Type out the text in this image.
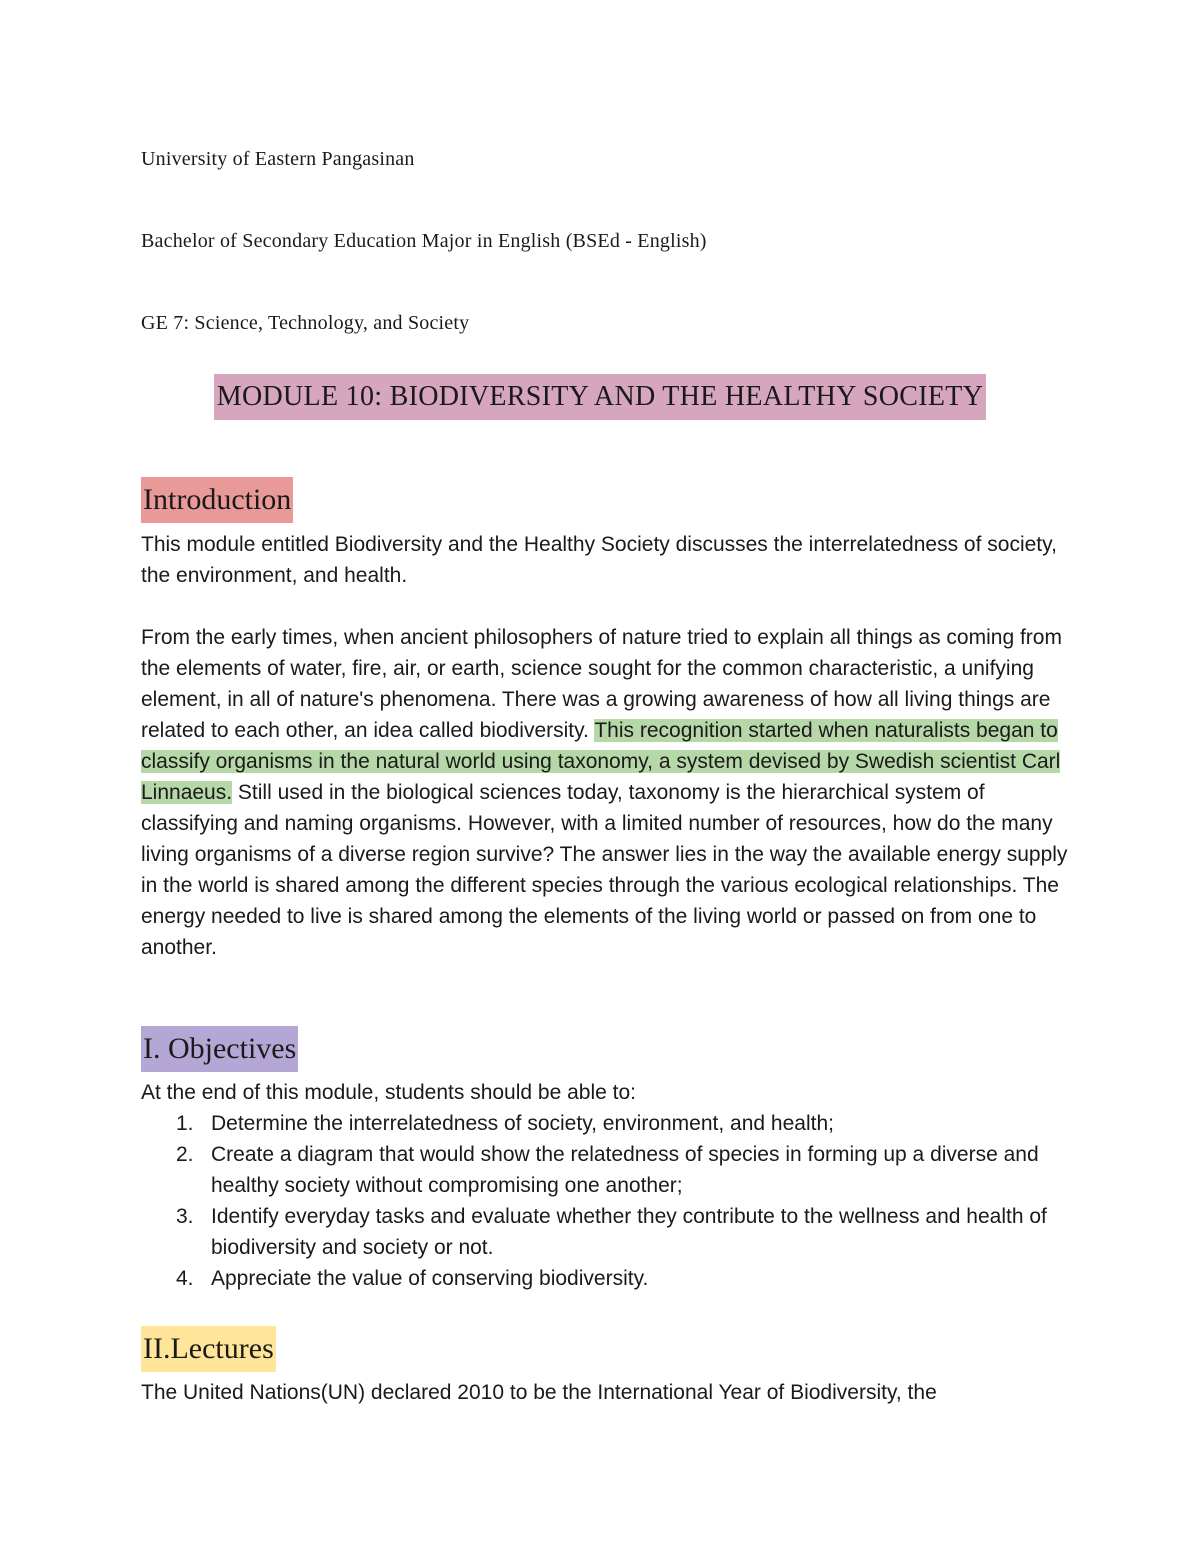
University of Eastern Pangasinan
Bachelor of Secondary Education Major in English (BSEd - English)
GE 7: Science, Technology, and Society
MODULE 10: BIODIVERSITY AND THE HEALTHY SOCIETY
Introduction

This module entitled Biodiversity and the Healthy Society discusses the interrelatedness of society, the environment, and health.

From the early times, when ancient philosophers of nature tried to explain all things as coming from the elements of water, fire, air, or earth, science sought for the common characteristic, a unifying element, in all of nature's phenomena. There was a growing awareness of how all living things are related to each other, an idea called biodiversity. This recognition started when naturalists began to classify organisms in the natural world using taxonomy, a system devised by Swedish scientist Carl Linnaeus. Still used in the biological sciences today, taxonomy is the hierarchical system of classifying and naming organisms. However, with a limited number of resources, how do the many living organisms of a diverse region survive? The answer lies in the way the available energy supply in the world is shared among the different species through the various ecological relationships. The energy needed to live is shared among the elements of the living world or passed on from one to another.

I. Objectives

At the end of this module, students should be able to:

1. Determine the interrelatedness of society, environment, and health;
2. Create a diagram that would show the relatedness of species in forming up a diverse and healthy society without compromising one another;
3. Identify everyday tasks and evaluate whether they contribute to the wellness and health of biodiversity and society or not.
4. Appreciate the value of conserving biodiversity.
II.Lectures

The United Nations(UN) declared 2010 to be the International Year of Biodiversity, the
